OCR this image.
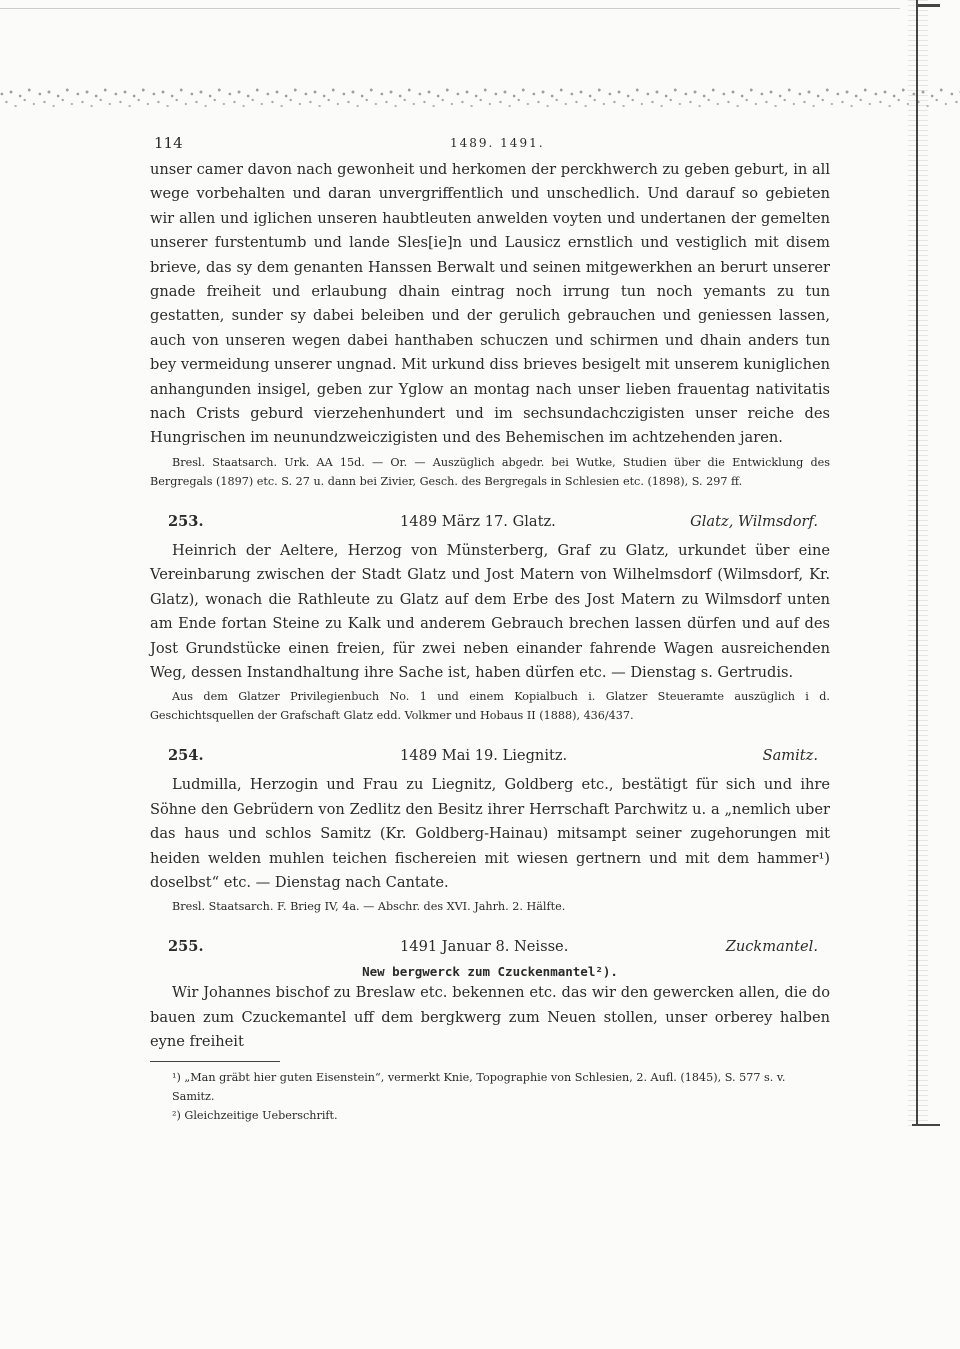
114	1489. 1491.

unser camer davon nach gewonheit und herkomen der perckhwerch zu geben geburt, in all wege vorbehalten und daran unvergriffentlich und unschedlich. Und darauf so gebieten wir allen und iglichen unseren haubtleuten anwelden voyten und undertanen der gemelten unserer furstentumb und lande Sles[ie]n und Lausicz ernstlich und vestiglich mit disem brieve, das sy dem genanten Hanssen Berwalt und seinen mitgewerkhen an berurt unserer gnade freiheit und erlaubung dhain eintrag noch irrung tun noch yemants zu tun gestatten, sunder sy dabei beleiben und der gerulich gebrauchen und geniessen lassen, auch von unseren wegen dabei hanthaben schuczen und schirmen und dhain anders tun bey vermeidung unserer ungnad. Mit urkund diss brieves besigelt mit unserem kuniglichen anhangunden insigel, geben zur Yglow an montag nach unser lieben frauentag nativitatis nach Crists geburd vierzehenhundert und im sechsundachczigisten unser reiche des Hungrischen im neunundzweiczigisten und des Behemischen im achtzehenden jaren.

Bresl. Staatsarch. Urk. AA 15d. — Or. — Auszüglich abgedr. bei Wutke, Studien über die Entwicklung des Bergregals (1897) etc. S. 27 u. dann bei Zivier, Gesch. des Bergregals in Schlesien etc. (1898), S. 297 ff.

253.	1489 März 17. Glatz.	Glatz, Wilmsdorf.

Heinrich der Aeltere, Herzog von Münsterberg, Graf zu Glatz, urkundet über eine Vereinbarung zwischen der Stadt Glatz und Jost Matern von Wilhelmsdorf (Wilmsdorf, Kr. Glatz), wonach die Rathleute zu Glatz auf dem Erbe des Jost Matern zu Wilmsdorf unten am Ende fortan Steine zu Kalk und anderem Gebrauch brechen lassen dürfen und auf des Jost Grundstücke einen freien, für zwei neben einander fahrende Wagen ausreichenden Weg, dessen Instandhaltung ihre Sache ist, haben dürfen etc. — Dienstag s. Gertrudis.

Aus dem Glatzer Privilegienbuch No. 1 und einem Kopialbuch i. Glatzer Steueramte auszüglich i d. Geschichtsquellen der Grafschaft Glatz edd. Volkmer und Hobaus II (1888), 436/437.

254.	1489 Mai 19. Liegnitz.	Samitz.

Ludmilla, Herzogin und Frau zu Liegnitz, Goldberg etc., bestätigt für sich und ihre Söhne den Gebrüdern von Zedlitz den Besitz ihrer Herrschaft Parchwitz u. a „nemlich uber das haus und schlos Samitz (Kr. Goldberg-Hainau) mitsampt seiner zugehorungen mit heiden welden muhlen teichen fischereien mit wiesen gertnern und mit dem hammer¹) doselbst“ etc. — Dienstag nach Cantate.

Bresl. Staatsarch. F. Brieg IV, 4a. — Abschr. des XVI. Jahrh. 2. Hälfte.

255.	1491 Januar 8. Neisse.	Zuckmantel.

New bergwerck zum Czuckenmantel²).

Wir Johannes bischof zu Breslaw etc. bekennen etc. das wir den gewercken allen, die do bauen zum Czuckemantel uff dem bergkwerg zum Neuen stollen, unser orberey halben eyne freiheit

¹) „Man gräbt hier guten Eisenstein“, vermerkt Knie, Topographie von Schlesien, 2. Aufl. (1845), S. 577 s. v. Samitz.

²) Gleichzeitige Ueberschrift.
